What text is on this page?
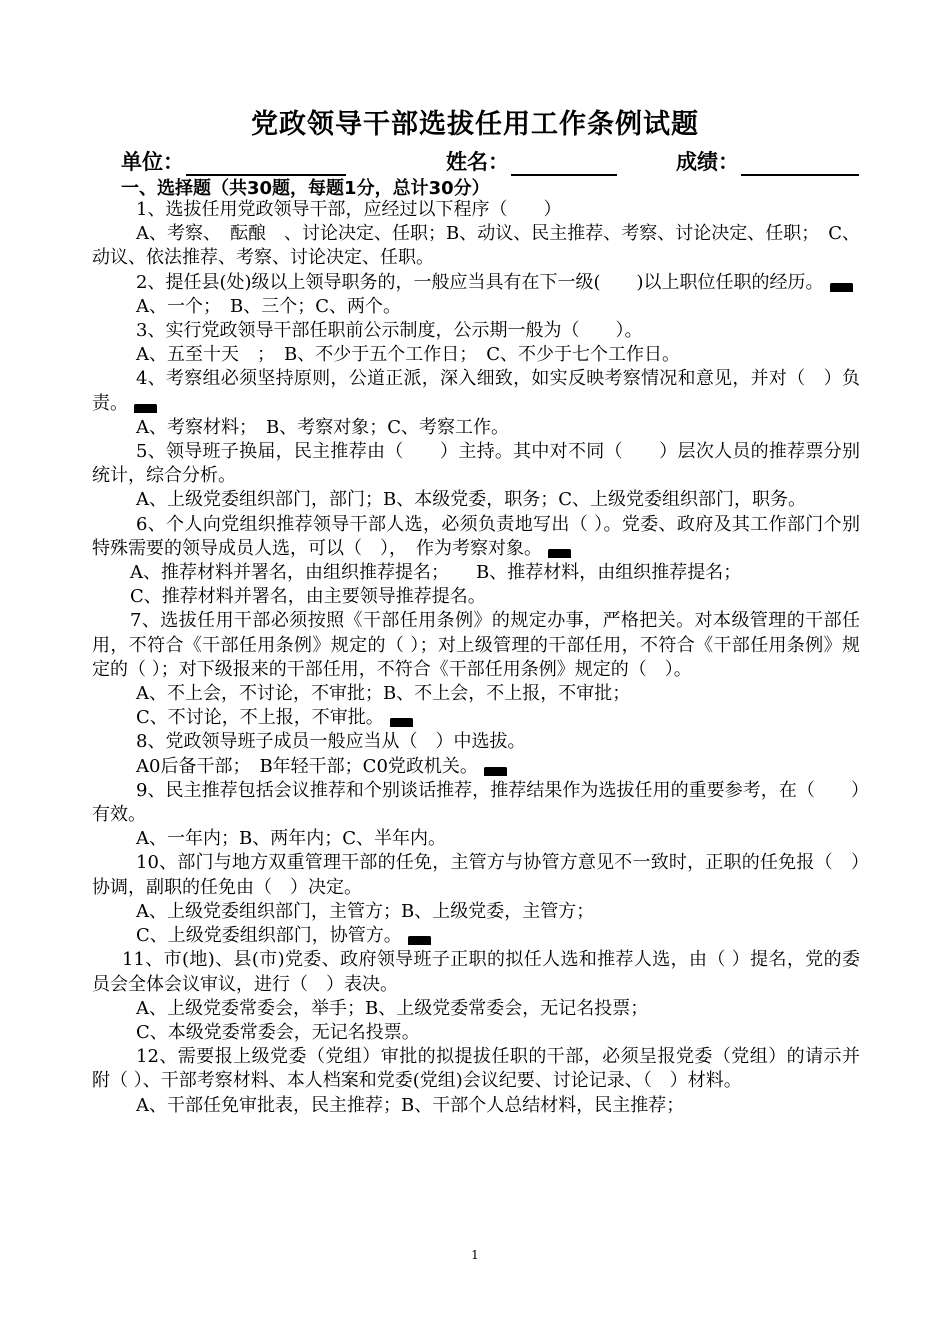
党政领导干部选拔任用工作条例试题
单位：	姓名：	成绩：
一、选择题（共30题，每题1分，总计30分）

1、选拔任用党政领导干部，应经过以下程序（　　）

A、考察、　酝酿　、讨论决定、任职；B、动议、民主推荐、考察、讨论决定、任职；　C、动议、依法推荐、考察、讨论决定、任职。

2、提任县(处)级以上领导职务的，一般应当具有在下一级(　　)以上职位任职的经历。

A、一个；　B、三个；C、两个。

3、实行党政领导干部任职前公示制度，公示期一般为（　　）。

A、五至十天　；　B、不少于五个工作日；　C、不少于七个工作日。

4、考察组必须坚持原则，公道正派，深入细致，如实反映考察情况和意见，并对（　）负责。

A、考察材料；　B、考察对象；C、考察工作。

5、领导班子换届，民主推荐由（　　）主持。其中对不同（　　）层次人员的推荐票分别统计，综合分析。

A、上级党委组织部门，部门；B、本级党委，职务；C、上级党委组织部门，职务。

6、个人向党组织推荐领导干部人选，必须负责地写出（ ）。党委、政府及其工作部门个别特殊需要的领导成员人选，可以（　），　作为考察对象。

A、推荐材料并署名，由组织推荐提名；　　B、推荐材料，由组织推荐提名；

C、推荐材料并署名，由主要领导推荐提名。

7、选拔任用干部必须按照《干部任用条例》的规定办事，严格把关。对本级管理的干部任用，不符合《干部任用条例》规定的（ ）；对上级管理的干部任用，不符合《干部任用条例》规定的（ ）；对下级报来的干部任用，不符合《干部任用条例》规定的（　）。

A、不上会，不讨论，不审批；B、不上会，不上报，不审批；

C、不讨论，不上报，不审批。

8、党政领导班子成员一般应当从（　）中选拔。

A0后备干部；　B年轻干部；C0党政机关。

9、民主推荐包括会议推荐和个别谈话推荐，推荐结果作为选拔任用的重要参考，在（　　）有效。

A、一年内；B、两年内；C、半年内。

10、部门与地方双重管理干部的任免，主管方与协管方意见不一致时，正职的任免报（　）协调，副职的任免由（　）决定。

A、上级党委组织部门，主管方；B、上级党委，主管方；

C、上级党委组织部门，协管方。

11、市(地)、县(市)党委、政府领导班子正职的拟任人选和推荐人选，由（ ）提名，党的委员会全体会议审议，进行（　）表决。

A、上级党委常委会，举手；B、上级党委常委会，无记名投票；

C、本级党委常委会，无记名投票。

12、需要报上级党委（党组）审批的拟提拔任职的干部，必须呈报党委（党组）的请示并附（ ）、干部考察材料、本人档案和党委(党组)会议纪要、讨论记录、（　）材料。

A、干部任免审批表，民主推荐；B、干部个人总结材料，民主推荐；

1
